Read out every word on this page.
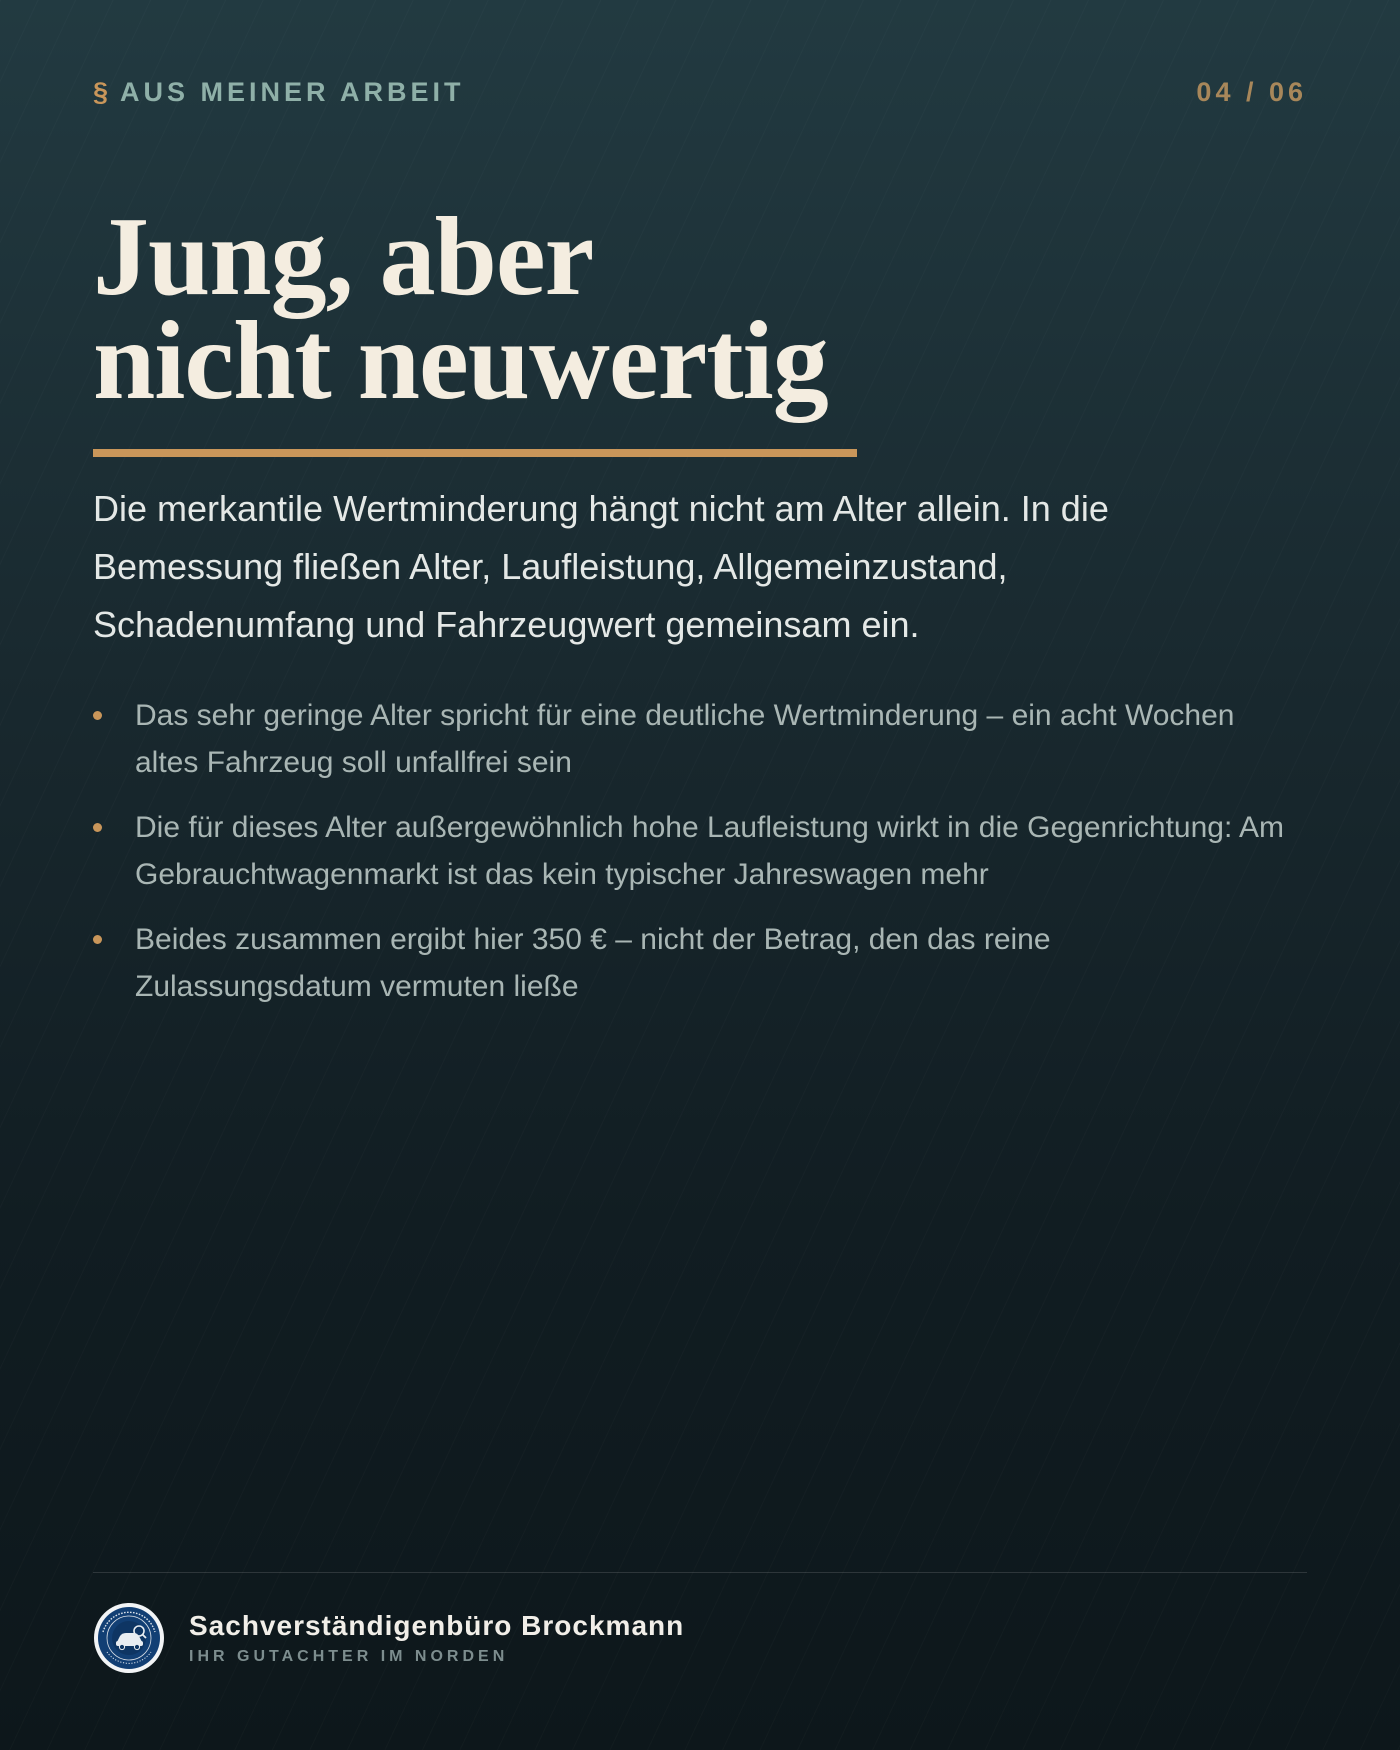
§ AUS MEINER ARBEIT	04 / 06
Jung, aber
nicht neuwertig

Die merkantile Wertminderung hängt nicht am Alter allein. In die Bemessung fließen Alter, Laufleistung, Allgemeinzustand, Schadenumfang und Fahrzeugwert gemeinsam ein.

Das sehr geringe Alter spricht für eine deutliche Wertminderung – ein acht Wochen altes Fahrzeug soll unfallfrei sein
Die für dieses Alter außergewöhnlich hohe Laufleistung wirkt in die Gegenrichtung: Am Gebrauchtwagenmarkt ist das kein typischer Jahreswagen mehr
Beides zusammen ergibt hier 350 € – nicht der Betrag, den das reine Zulassungsdatum vermuten ließe
Sachverständigenbüro Brockmann
IHR GUTACHTER IM NORDEN
